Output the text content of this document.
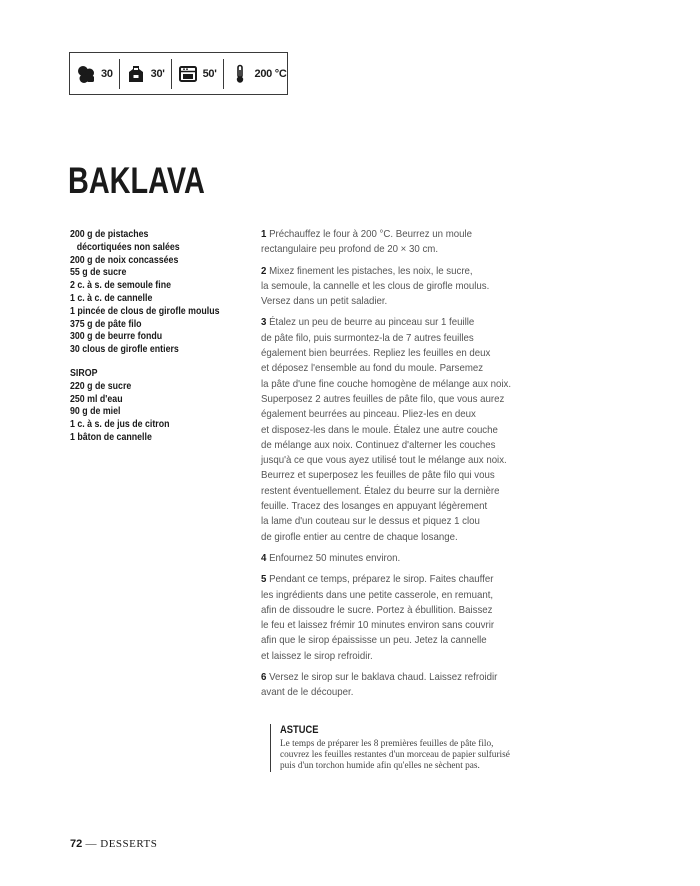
30	30'	50'	200 °C
BAKLAVA
200 g de pistaches
décortiquées non salées
200 g de noix concassées
55 g de sucre
2 c. à s. de semoule fine
1 c. à c. de cannelle
1 pincée de clous de girofle moulus
375 g de pâte filo
300 g de beurre fondu
30 clous de girofle entiers
SIROP
220 g de sucre
250 ml d'eau
90 g de miel
1 c. à s. de jus de citron
1 bâton de cannelle
1 Préchauffez le four à 200 °C. Beurrez un moule
rectangulaire peu profond de 20 × 30 cm.
2 Mixez finement les pistaches, les noix, le sucre,
la semoule, la cannelle et les clous de girofle moulus.
Versez dans un petit saladier.
3 Étalez un peu de beurre au pinceau sur 1 feuille
de pâte filo, puis surmontez-la de 7 autres feuilles
également bien beurrées. Repliez les feuilles en deux
et déposez l'ensemble au fond du moule. Parsemez
la pâte d'une fine couche homogène de mélange aux noix.
Superposez 2 autres feuilles de pâte filo, que vous aurez
également beurrées au pinceau. Pliez-les en deux
et disposez-les dans le moule. Étalez une autre couche
de mélange aux noix. Continuez d'alterner les couches
jusqu'à ce que vous ayez utilisé tout le mélange aux noix.
Beurrez et superposez les feuilles de pâte filo qui vous
restent éventuellement. Étalez du beurre sur la dernière
feuille. Tracez des losanges en appuyant légèrement
la lame d'un couteau sur le dessus et piquez 1 clou
de girofle entier au centre de chaque losange.
4 Enfournez 50 minutes environ.
5 Pendant ce temps, préparez le sirop. Faites chauffer
les ingrédients dans une petite casserole, en remuant,
afin de dissoudre le sucre. Portez à ébullition. Baissez
le feu et laissez frémir 10 minutes environ sans couvrir
afin que le sirop épaississe un peu. Jetez la cannelle
et laissez le sirop refroidir.
6 Versez le sirop sur le baklava chaud. Laissez refroidir
avant de le découper.
ASTUCE
Le temps de préparer les 8 premières feuilles de pâte filo,
couvrez les feuilles restantes d'un morceau de papier sulfurisé
puis d'un torchon humide afin qu'elles ne sèchent pas.
72 — DESSERTS
